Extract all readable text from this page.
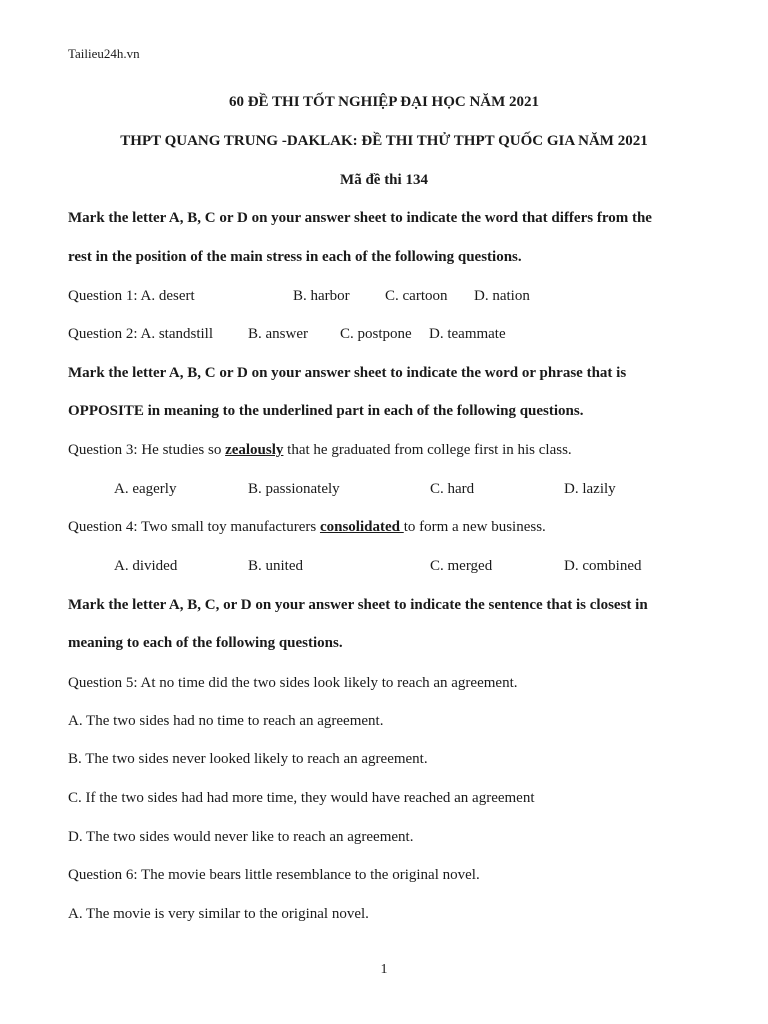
Tailieu24h.vn
60 ĐỀ THI TỐT NGHIỆP ĐẠI HỌC NĂM 2021
THPT QUANG TRUNG -DAKLAK: ĐỀ THI THỬ THPT QUỐC GIA NĂM 2021
Mã đề thi 134
Mark the letter A, B, C or D on your answer sheet to indicate the word that differs from the
rest in the position of the main stress in each of the following questions.
Question 1: A. desert	B. harbor C. cartoon D. nation
Question 2: A. standstill B. answer C. postpone D. teammate
Mark the letter A, B, C or D on your answer sheet to indicate the word or phrase that is
OPPOSITE in meaning to the underlined part in each of the following questions.
Question 3: He studies so zealously that he graduated from college first in his class.
A. eagerly	B. passionately	C. hard	D. lazily
Question 4: Two small toy manufacturers consolidated to form a new business.
A. divided	B. united	C. merged	D. combined
Mark the letter A, B, C, or D on your answer sheet to indicate the sentence that is closest in
meaning to each of the following questions.
Question 5: At no time did the two sides look likely to reach an agreement.
A. The two sides had no time to reach an agreement.
B. The two sides never looked likely to reach an agreement.
C. If the two sides had had more time, they would have reached an agreement
D. The two sides would never like to reach an agreement.
Question 6: The movie bears little resemblance to the original novel.
A. The movie is very similar to the original novel.
1
